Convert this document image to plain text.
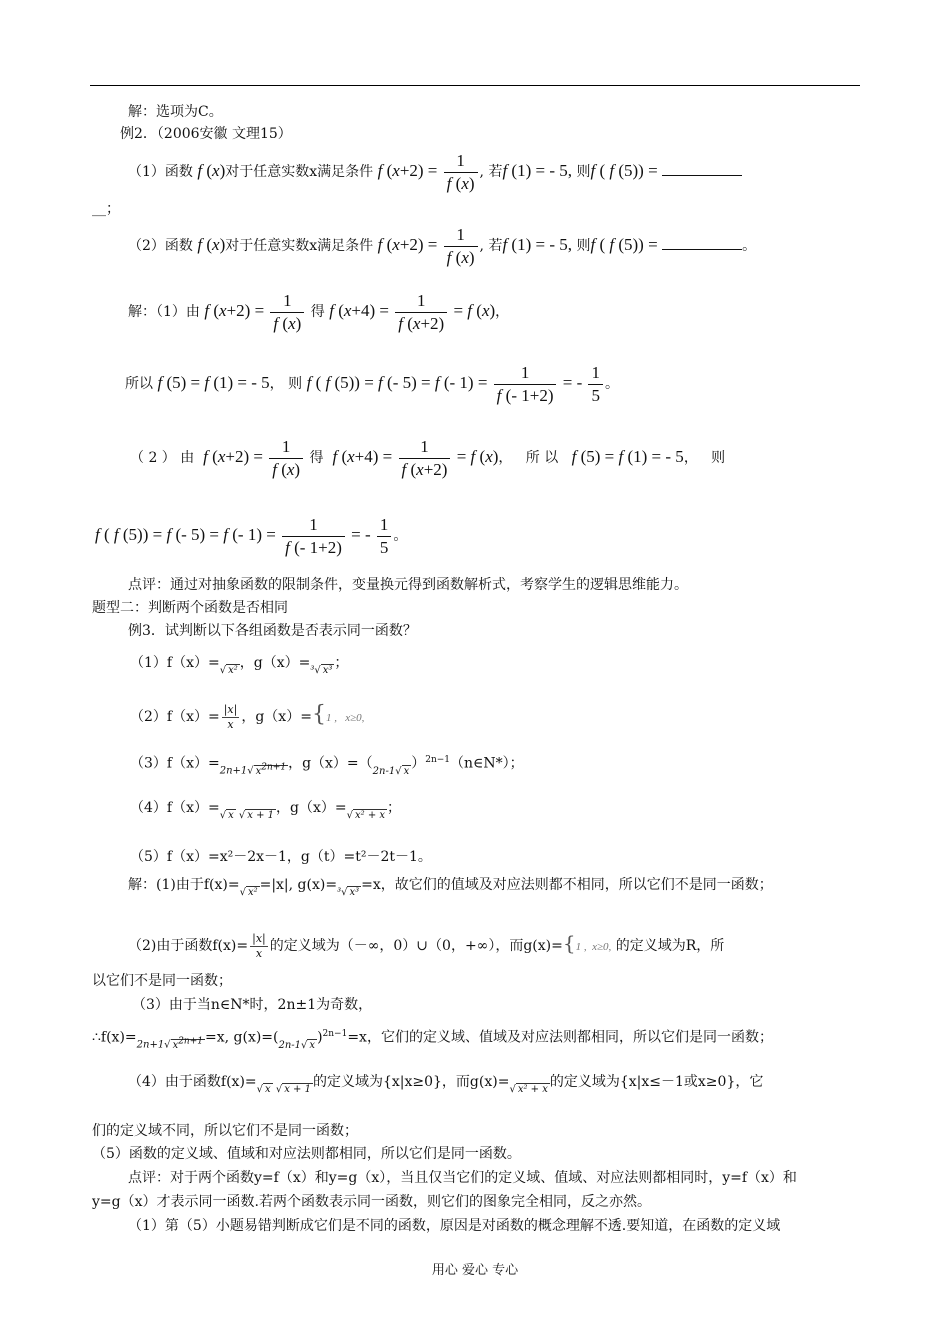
解：选项为C。
例2．（2006安徽 文理15）
（1）函数 f (x)对于任意实数x满足条件 f $(x+2) = \frac{1}{f (x)}$ , 若f (1) = - 5, 则f ( f (5)) =
__；
（2）函数 f (x)对于任意实数x满足条件 f $(x+2) = \frac{1}{f (x)}$ , 若f (1) = - 5, 则f ( f (5)) =	。
解：（1）由 f $(x+2) = \frac{1}{f (x)}$ 得 f $(x+4) = \frac{1}{f (x+2)} = f$ (x)，
所以 f (5) = f (1) = - 5， 则 f ( f (5)) = f (- 5) = f (- $1) = \frac{1}{f (- 1+2)}$ = - $\frac{1}{5}$ 。
（ 2 ） 由 f $(x+2) = \frac{1}{f (x)}$ 得 f $(x+4) = \frac{1}{f (x+2)} = f$ (x)，   所 以 f (5) = f (1) = - 5，   则
f ( f (5)) = f (- 5) = f (- $1) = \frac{1}{f (- 1+2)}$ = - $\frac{1}{5}$ 。
点评：通过对抽象函数的限制条件，变量换元得到函数解析式，考察学生的逻辑思维能力。
题型二：判断两个函数是否相同
例3．试判断以下各组函数是否表示同一函数？
（1）f（x）=√ x² ，g（x）=³√ x³ ；
$(2)f(x)= \frac{|x|}{x}$ ，g（x）={1 ,   x≥0,
（3）f（x）=2n+1√ $x^{2n+1}$ ，g（x）=（2n-1√ x ）$^{2n-1}$（n∈N*）；
（4）f（x）=√ x √ x + 1 ，g（x）=√ x² + x ；
（5）f（x）=x²－2x－1，g（t）=t²－2t－1。
解：(1)由于f(x)=√ x² =|x|, g(x)=³√ x³ =x，故它们的值域及对应法则都不相同，所以它们不是同一函数；
（2)由于函数$f(x)= \frac{|x|}{x}$ 的定义域为（－∞，0）∪（0，+∞），而g(x)={1 ,  x≥0, 的定义域为R，所
以它们不是同一函数；
（3）由于当n∈N*时，2n±1为奇数，
∴f(x)=2n+1√ $x^{2n+1} =x$, g(x)=(2n-1√ x )$^{2n-1}$=x，它们的定义域、值域及对应法则都相同，所以它们是同一函数；
（4）由于函数f(x)=√ x √ x + 1 的定义域为{x|x≥0}，而g(x)=√ x² + x 的定义域为{x|x≤－1或x≥0}，它
们的定义域不同，所以它们不是同一函数；
（5）函数的定义域、值域和对应法则都相同，所以它们是同一函数。
点评：对于两个函数y=f（x）和y=g（x），当且仅当它们的定义域、值域、对应法则都相同时，y=f（x）和
y=g（x）才表示同一函数.若两个函数表示同一函数，则它们的图象完全相同，反之亦然。
（1）第（5）小题易错判断成它们是不同的函数，原因是对函数的概念理解不透.要知道，在函数的定义域
用心 爱心 专心
